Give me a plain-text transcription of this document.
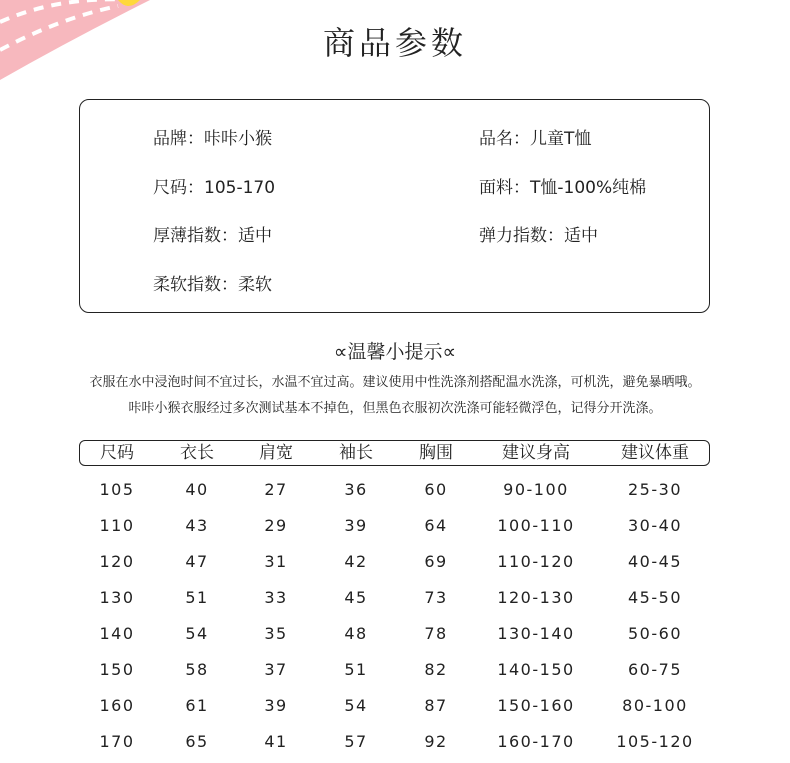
商品参数
品牌：咔咔小猴	品名：儿童T恤
尺码：105-170	面料：T恤-100%纯棉
厚薄指数：适中	弹力指数：适中
柔软指数：柔软
∝温馨小提示∝
衣服在水中浸泡时间不宜过长，水温不宜过高。建议使用中性洗涤剂搭配温水洗涤，可机洗，避免暴晒哦。
咔咔小猴衣服经过多次测试基本不掉色，但黑色衣服初次洗涤可能轻微浮色，记得分开洗涤。
尺码	衣长	肩宽	袖长	胸围	建议身高	建议体重
105	40	27	36	60	90-100	25-30
110	43	29	39	64	100-110	30-40
120	47	31	42	69	110-120	40-45
130	51	33	45	73	120-130	45-50
140	54	35	48	78	130-140	50-60
150	58	37	51	82	140-150	60-75
160	61	39	54	87	150-160	80-100
170	65	41	57	92	160-170	105-120
